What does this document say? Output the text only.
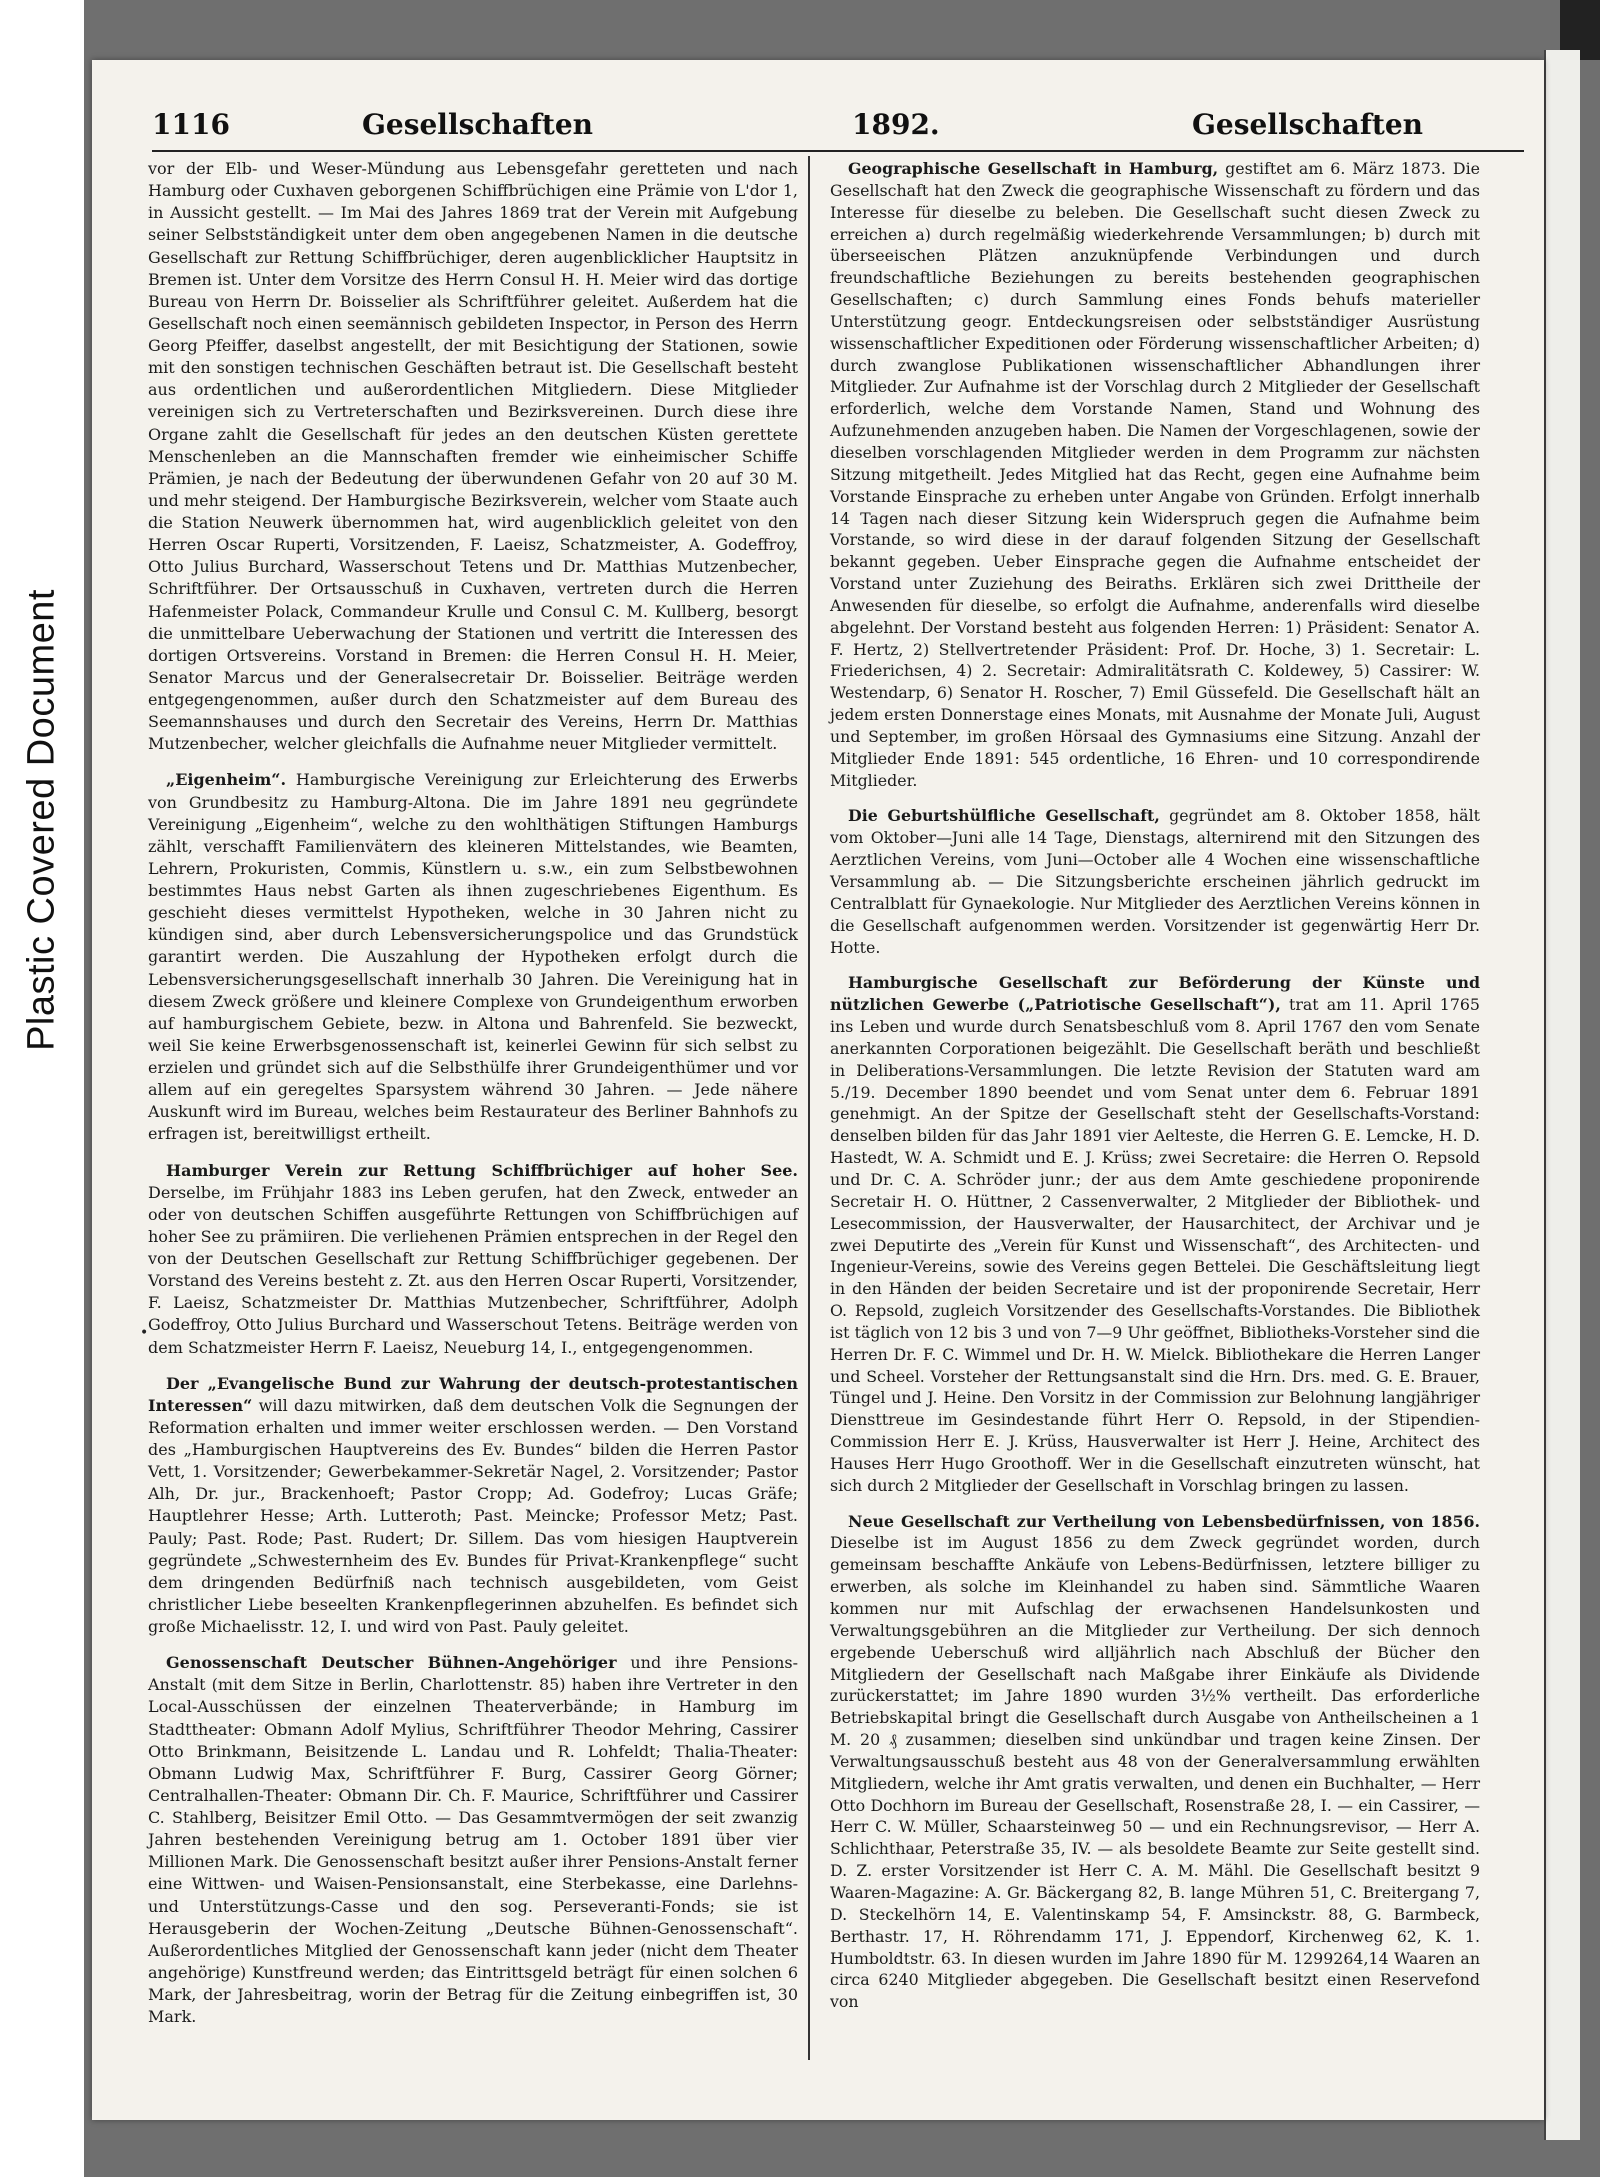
Plastic Covered Document
1116	Gesellschaften	1892.	Gesellschaften
•

vor der Elb- und Weser-Mündung aus Lebensgefahr geretteten und nach Hamburg oder Cuxhaven geborgenen Schiffbrüchigen eine Prämie von L'dor 1, in Aussicht gestellt. — Im Mai des Jahres 1869 trat der Verein mit Aufgebung seiner Selbstständigkeit unter dem oben angegebenen Namen in die deutsche Gesellschaft zur Rettung Schiffbrüchiger, deren augenblicklicher Hauptsitz in Bremen ist. Unter dem Vorsitze des Herrn Consul H. H. Meier wird das dortige Bureau von Herrn Dr. Boisselier als Schriftführer geleitet. Außerdem hat die Gesellschaft noch einen seemännisch gebildeten Inspector, in Person des Herrn Georg Pfeiffer, daselbst angestellt, der mit Besichtigung der Stationen, sowie mit den sonstigen technischen Geschäften betraut ist. Die Gesellschaft besteht aus ordentlichen und außerordentlichen Mitgliedern. Diese Mitglieder vereinigen sich zu Vertreterschaften und Bezirksvereinen. Durch diese ihre Organe zahlt die Gesellschaft für jedes an den deutschen Küsten gerettete Menschenleben an die Mannschaften fremder wie einheimischer Schiffe Prämien, je nach der Bedeutung der überwundenen Gefahr von 20 auf 30 M. und mehr steigend. Der Hamburgische Bezirksverein, welcher vom Staate auch die Station Neuwerk übernommen hat, wird augenblicklich geleitet von den Herren Oscar Ruperti, Vorsitzenden, F. Laeisz, Schatzmeister, A. Godeffroy, Otto Julius Burchard, Wasserschout Tetens und Dr. Matthias Mutzenbecher, Schriftführer. Der Ortsausschuß in Cuxhaven, vertreten durch die Herren Hafenmeister Polack, Commandeur Krulle und Consul C. M. Kullberg, besorgt die unmittelbare Ueberwachung der Stationen und vertritt die Interessen des dortigen Ortsvereins. Vorstand in Bremen: die Herren Consul H. H. Meier, Senator Marcus und der Generalsecretair Dr. Boisselier. Beiträge werden entgegengenommen, außer durch den Schatzmeister auf dem Bureau des Seemannshauses und durch den Secretair des Vereins, Herrn Dr. Matthias Mutzenbecher, welcher gleichfalls die Aufnahme neuer Mitglieder vermittelt.

„Eigenheim“. Hamburgische Vereinigung zur Erleichterung des Erwerbs von Grundbesitz zu Hamburg-Altona. Die im Jahre 1891 neu gegründete Vereinigung „Eigenheim“, welche zu den wohlthätigen Stiftungen Hamburgs zählt, verschafft Familienvätern des kleineren Mittelstandes, wie Beamten, Lehrern, Prokuristen, Commis, Künstlern u. s.w., ein zum Selbstbewohnen bestimmtes Haus nebst Garten als ihnen zugeschriebenes Eigenthum. Es geschieht dieses vermittelst Hypotheken, welche in 30 Jahren nicht zu kündigen sind, aber durch Lebensversicherungspolice und das Grundstück garantirt werden. Die Auszahlung der Hypotheken erfolgt durch die Lebensversicherungsgesellschaft innerhalb 30 Jahren. Die Vereinigung hat in diesem Zweck größere und kleinere Complexe von Grundeigenthum erworben auf hamburgischem Gebiete, bezw. in Altona und Bahrenfeld. Sie bezweckt, weil Sie keine Erwerbsgenossenschaft ist, keinerlei Gewinn für sich selbst zu erzielen und gründet sich auf die Selbsthülfe ihrer Grundeigenthümer und vor allem auf ein geregeltes Sparsystem während 30 Jahren. — Jede nähere Auskunft wird im Bureau, welches beim Restaurateur des Berliner Bahnhofs zu erfragen ist, bereitwilligst ertheilt.

Hamburger Verein zur Rettung Schiffbrüchiger auf hoher See. Derselbe, im Frühjahr 1883 ins Leben gerufen, hat den Zweck, entweder an oder von deutschen Schiffen ausgeführte Rettungen von Schiffbrüchigen auf hoher See zu prämiiren. Die verliehenen Prämien entsprechen in der Regel den von der Deutschen Gesellschaft zur Rettung Schiffbrüchiger gegebenen. Der Vorstand des Vereins besteht z. Zt. aus den Herren Oscar Ruperti, Vorsitzender, F. Laeisz, Schatzmeister Dr. Matthias Mutzenbecher, Schriftführer, Adolph Godeffroy, Otto Julius Burchard und Wasserschout Tetens. Beiträge werden von dem Schatzmeister Herrn F. Laeisz, Neueburg 14, I., entgegengenommen.

Der „Evangelische Bund zur Wahrung der deutsch-protestantischen Interessen“ will dazu mitwirken, daß dem deutschen Volk die Segnungen der Reformation erhalten und immer weiter erschlossen werden. — Den Vorstand des „Hamburgischen Hauptvereins des Ev. Bundes“ bilden die Herren Pastor Vett, 1. Vorsitzender; Gewerbekammer-Sekretär Nagel, 2. Vorsitzender; Pastor Alh, Dr. jur., Brackenhoeft; Pastor Cropp; Ad. Godefroy; Lucas Gräfe; Hauptlehrer Hesse; Arth. Lutteroth; Past. Meincke; Professor Metz; Past. Pauly; Past. Rode; Past. Rudert; Dr. Sillem. Das vom hiesigen Hauptverein gegründete „Schwesternheim des Ev. Bundes für Privat-Krankenpflege“ sucht dem dringenden Bedürfniß nach technisch ausgebildeten, vom Geist christlicher Liebe beseelten Krankenpflegerinnen abzuhelfen. Es befindet sich große Michaelisstr. 12, I. und wird von Past. Pauly geleitet.

Genossenschaft Deutscher Bühnen-Angehöriger und ihre Pensions-Anstalt (mit dem Sitze in Berlin, Charlottenstr. 85) haben ihre Vertreter in den Local-Ausschüssen der einzelnen Theaterverbände; in Hamburg im Stadttheater: Obmann Adolf Mylius, Schriftführer Theodor Mehring, Cassirer Otto Brinkmann, Beisitzende L. Landau und R. Lohfeldt; Thalia-Theater: Obmann Ludwig Max, Schriftführer F. Burg, Cassirer Georg Görner; Centralhallen-Theater: Obmann Dir. Ch. F. Maurice, Schriftführer und Cassirer C. Stahlberg, Beisitzer Emil Otto. — Das Gesammtvermögen der seit zwanzig Jahren bestehenden Vereinigung betrug am 1. October 1891 über vier Millionen Mark. Die Genossenschaft besitzt außer ihrer Pensions-Anstalt ferner eine Wittwen- und Waisen-Pensionsanstalt, eine Sterbekasse, eine Darlehns- und Unterstützungs-Casse und den sog. Perseveranti-Fonds; sie ist Herausgeberin der Wochen-Zeitung „Deutsche Bühnen-Genossenschaft“. Außerordentliches Mitglied der Genossenschaft kann jeder (nicht dem Theater angehörige) Kunstfreund werden; das Eintrittsgeld beträgt für einen solchen 6 Mark, der Jahresbeitrag, worin der Betrag für die Zeitung einbegriffen ist, 30 Mark.

Geographische Gesellschaft in Hamburg, gestiftet am 6. März 1873. Die Gesellschaft hat den Zweck die geographische Wissenschaft zu fördern und das Interesse für dieselbe zu beleben. Die Gesellschaft sucht diesen Zweck zu erreichen a) durch regelmäßig wiederkehrende Versammlungen; b) durch mit überseeischen Plätzen anzuknüpfende Verbindungen und durch freundschaftliche Beziehungen zu bereits bestehenden geographischen Gesellschaften; c) durch Sammlung eines Fonds behufs materieller Unterstützung geogr. Entdeckungsreisen oder selbstständiger Ausrüstung wissenschaftlicher Expeditionen oder Förderung wissenschaftlicher Arbeiten; d) durch zwanglose Publikationen wissenschaftlicher Abhandlungen ihrer Mitglieder. Zur Aufnahme ist der Vorschlag durch 2 Mitglieder der Gesellschaft erforderlich, welche dem Vorstande Namen, Stand und Wohnung des Aufzunehmenden anzugeben haben. Die Namen der Vorgeschlagenen, sowie der dieselben vorschlagenden Mitglieder werden in dem Programm zur nächsten Sitzung mitgetheilt. Jedes Mitglied hat das Recht, gegen eine Aufnahme beim Vorstande Einsprache zu erheben unter Angabe von Gründen. Erfolgt innerhalb 14 Tagen nach dieser Sitzung kein Widerspruch gegen die Aufnahme beim Vorstande, so wird diese in der darauf folgenden Sitzung der Gesellschaft bekannt gegeben. Ueber Einsprache gegen die Aufnahme entscheidet der Vorstand unter Zuziehung des Beiraths. Erklären sich zwei Drittheile der Anwesenden für dieselbe, so erfolgt die Aufnahme, anderenfalls wird dieselbe abgelehnt. Der Vorstand besteht aus folgenden Herren: 1) Präsident: Senator A. F. Hertz, 2) Stellvertretender Präsident: Prof. Dr. Hoche, 3) 1. Secretair: L. Friederichsen, 4) 2. Secretair: Admiralitätsrath C. Koldewey, 5) Cassirer: W. Westendarp, 6) Senator H. Roscher, 7) Emil Güssefeld. Die Gesellschaft hält an jedem ersten Donnerstage eines Monats, mit Ausnahme der Monate Juli, August und September, im großen Hörsaal des Gymnasiums eine Sitzung. Anzahl der Mitglieder Ende 1891: 545 ordentliche, 16 Ehren- und 10 correspondirende Mitglieder.

Die Geburtshülfliche Gesellschaft, gegründet am 8. Oktober 1858, hält vom Oktober—Juni alle 14 Tage, Dienstags, alternirend mit den Sitzungen des Aerztlichen Vereins, vom Juni—October alle 4 Wochen eine wissenschaftliche Versammlung ab. — Die Sitzungsberichte erscheinen jährlich gedruckt im Centralblatt für Gynaekologie. Nur Mitglieder des Aerztlichen Vereins können in die Gesellschaft aufgenommen werden. Vorsitzender ist gegenwärtig Herr Dr. Hotte.

Hamburgische Gesellschaft zur Beförderung der Künste und nützlichen Gewerbe („Patriotische Gesellschaft“), trat am 11. April 1765 ins Leben und wurde durch Senatsbeschluß vom 8. April 1767 den vom Senate anerkannten Corporationen beigezählt. Die Gesellschaft beräth und beschließt in Deliberations-Versammlungen. Die letzte Revision der Statuten ward am 5./19. December 1890 beendet und vom Senat unter dem 6. Februar 1891 genehmigt. An der Spitze der Gesellschaft steht der Gesellschafts-Vorstand: denselben bilden für das Jahr 1891 vier Aelteste, die Herren G. E. Lemcke, H. D. Hastedt, W. A. Schmidt und E. J. Krüss; zwei Secretaire: die Herren O. Repsold und Dr. C. A. Schröder junr.; der aus dem Amte geschiedene proponirende Secretair H. O. Hüttner, 2 Cassenverwalter, 2 Mitglieder der Bibliothek- und Lesecommission, der Hausverwalter, der Hausarchitect, der Archivar und je zwei Deputirte des „Verein für Kunst und Wissenschaft“, des Architecten- und Ingenieur-Vereins, sowie des Vereins gegen Bettelei. Die Geschäftsleitung liegt in den Händen der beiden Secretaire und ist der proponirende Secretair, Herr O. Repsold, zugleich Vorsitzender des Gesellschafts-Vorstandes. Die Bibliothek ist täglich von 12 bis 3 und von 7—9 Uhr geöffnet, Bibliotheks-Vorsteher sind die Herren Dr. F. C. Wimmel und Dr. H. W. Mielck. Bibliothekare die Herren Langer und Scheel. Vorsteher der Rettungsanstalt sind die Hrn. Drs. med. G. E. Brauer, Tüngel und J. Heine. Den Vorsitz in der Commission zur Belohnung langjähriger Diensttreue im Gesindestande führt Herr O. Repsold, in der Stipendien-Commission Herr E. J. Krüss, Hausverwalter ist Herr J. Heine, Architect des Hauses Herr Hugo Groothoff. Wer in die Gesellschaft einzutreten wünscht, hat sich durch 2 Mitglieder der Gesellschaft in Vorschlag bringen zu lassen.

Neue Gesellschaft zur Vertheilung von Lebensbedürfnissen, von 1856. Dieselbe ist im August 1856 zu dem Zweck gegründet worden, durch gemeinsam beschaffte Ankäufe von Lebens-Bedürfnissen, letztere billiger zu erwerben, als solche im Kleinhandel zu haben sind. Sämmtliche Waaren kommen nur mit Aufschlag der erwachsenen Handelsunkosten und Verwaltungsgebühren an die Mitglieder zur Vertheilung. Der sich dennoch ergebende Ueberschuß wird alljährlich nach Abschluß der Bücher den Mitgliedern der Gesellschaft nach Maßgabe ihrer Einkäufe als Dividende zurückerstattet; im Jahre 1890 wurden 3½% vertheilt. Das erforderliche Betriebskapital bringt die Gesellschaft durch Ausgabe von Antheilscheinen a 1 M. 20 ₰ zusammen; dieselben sind unkündbar und tragen keine Zinsen. Der Verwaltungsausschuß besteht aus 48 von der Generalversammlung erwählten Mitgliedern, welche ihr Amt gratis verwalten, und denen ein Buchhalter, — Herr Otto Dochhorn im Bureau der Gesellschaft, Rosenstraße 28, I. — ein Cassirer, — Herr C. W. Müller, Schaarsteinweg 50 — und ein Rechnungsrevisor, — Herr A. Schlichthaar, Peterstraße 35, IV. — als besoldete Beamte zur Seite gestellt sind. D. Z. erster Vorsitzender ist Herr C. A. M. Mähl. Die Gesellschaft besitzt 9 Waaren-Magazine: A. Gr. Bäckergang 82, B. lange Mühren 51, C. Breitergang 7, D. Steckelhörn 14, E. Valentinskamp 54, F. Amsinckstr. 88, G. Barmbeck, Berthastr. 17, H. Röhrendamm 171, J. Eppendorf, Kirchenweg 62, K. 1. Humboldtstr. 63. In diesen wurden im Jahre 1890 für M. 1299264,14 Waaren an circa 6240 Mitglieder abgegeben. Die Gesellschaft besitzt einen Reservefond von
